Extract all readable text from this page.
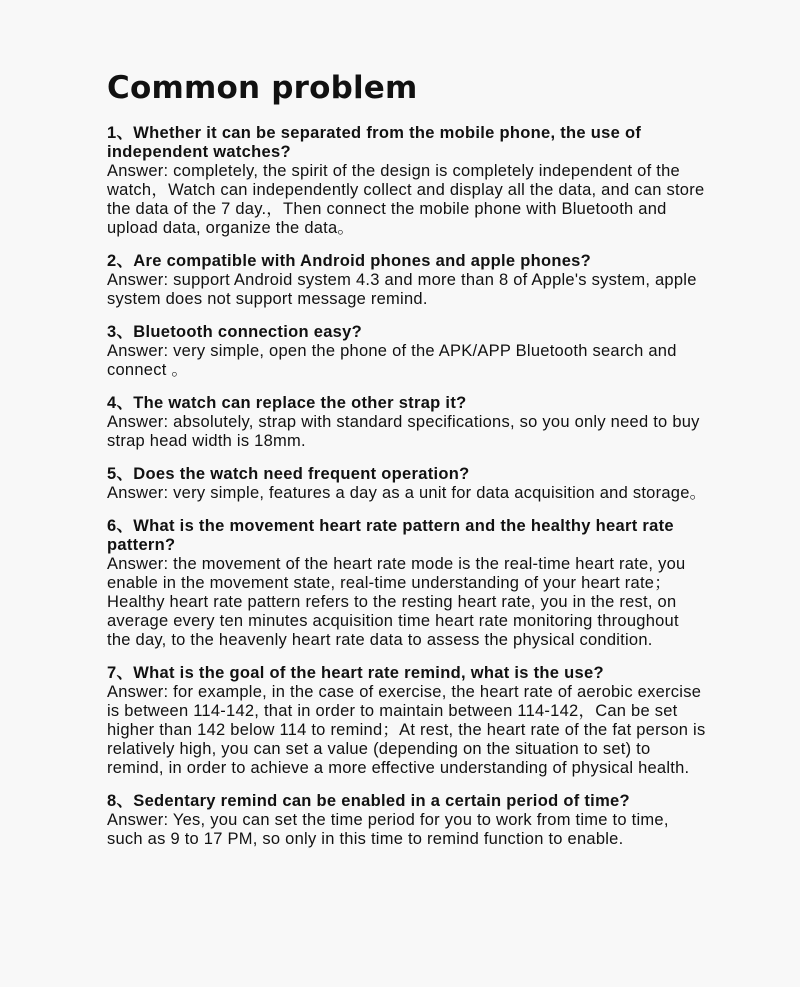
Common problem

1、Whether it can be separated from the mobile phone, the use of independent watches?

Answer: completely, the spirit of the design is completely independent of the watch，Watch can independently collect and display all the data, and can store the data of the 7 day.，Then connect the mobile phone with Bluetooth and upload data, organize the data。

2、Are compatible with Android phones and apple phones?

Answer: support Android system 4.3 and more than 8 of Apple's system, apple system does not support message remind.

3、Bluetooth connection easy?

Answer: very simple, open the phone of the APK/APP Bluetooth search and connect 。

4、The watch can replace the other strap it?

Answer: absolutely, strap with standard specifications, so you only need to buy strap head width is 18mm.

5、Does the watch need frequent operation?

Answer: very simple, features a day as a unit for data acquisition and storage。

6、What is the movement heart rate pattern and the healthy heart rate pattern?

Answer: the movement of the heart rate mode is the real-time heart rate, you enable in the movement state, real-time understanding of your heart rate；Healthy heart rate pattern refers to the resting heart rate, you in the rest, on average every ten minutes acquisition time heart rate monitoring throughout the day, to the heavenly heart rate data to assess the physical condition.

7、What is the goal of the heart rate remind, what is the use?

Answer: for example, in the case of exercise, the heart rate of aerobic exercise is between 114-142, that in order to maintain between 114-142，Can be set higher than 142 below 114 to remind；At rest, the heart rate of the fat person is relatively high, you can set a value (depending on the situation to set) to remind, in order to achieve a more effective understanding of physical health.

8、Sedentary remind can be enabled in a certain period of time?

Answer: Yes, you can set the time period for you to work from time to time, such as 9 to 17 PM, so only in this time to remind function to enable.
